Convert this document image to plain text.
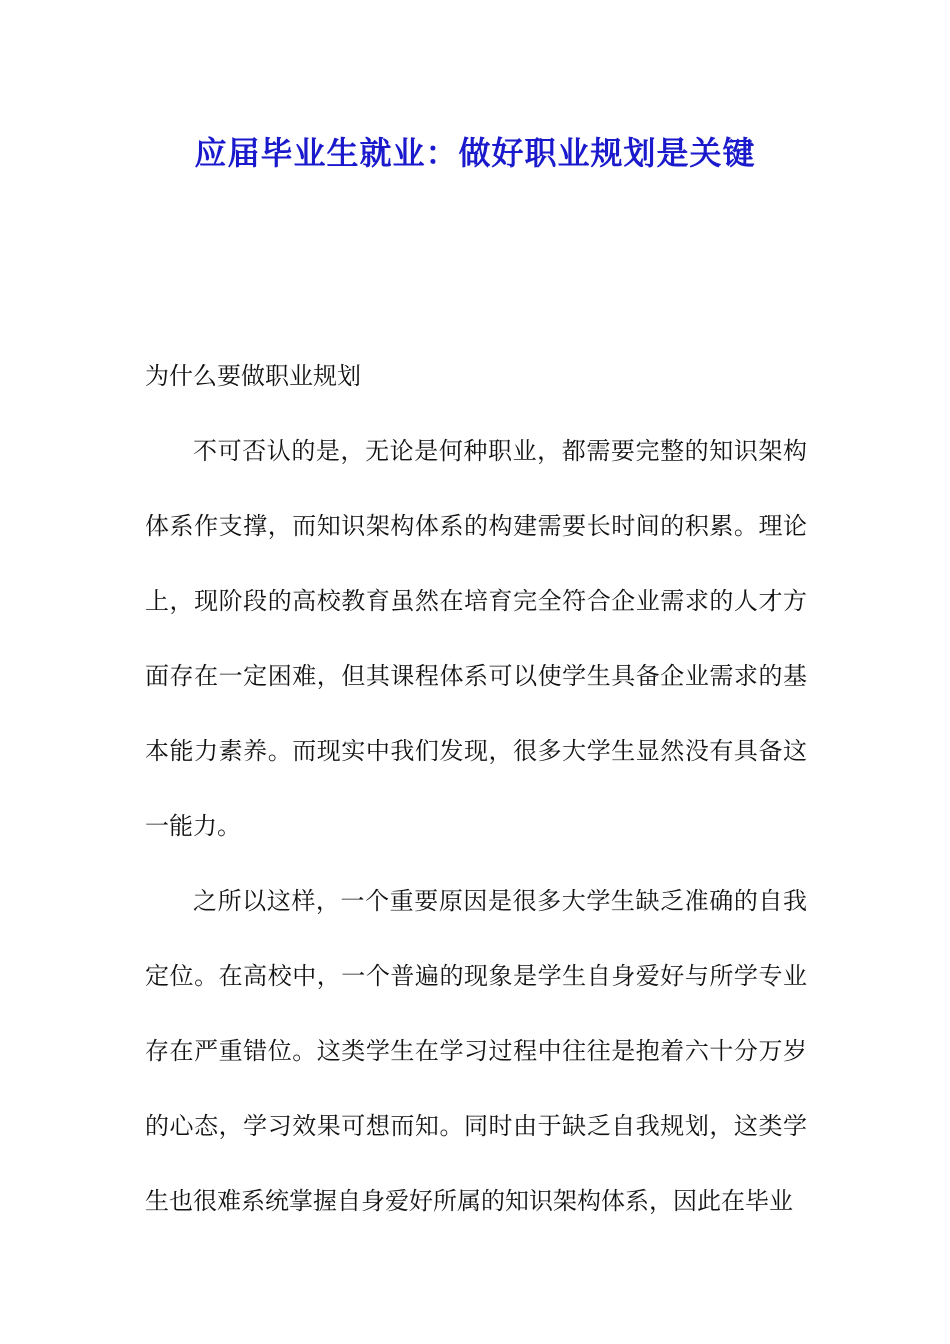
应届毕业生就业：做好职业规划是关键
为什么要做职业规划

不可否认的是，无论是何种职业，都需要完整的知识架构体系作支撑，而知识架构体系的构建需要长时间的积累。理论上，现阶段的高校教育虽然在培育完全符合企业需求的人才方面存在一定困难，但其课程体系可以使学生具备企业需求的基本能力素养。而现实中我们发现，很多大学生显然没有具备这一能力。

之所以这样，一个重要原因是很多大学生缺乏准确的自我定位。在高校中，一个普遍的现象是学生自身爱好与所学专业存在严重错位。这类学生在学习过程中往往是抱着六十分万岁的心态，学习效果可想而知。同时由于缺乏自我规划，这类学生也很难系统掌握自身爱好所属的知识架构体系，因此在毕业
